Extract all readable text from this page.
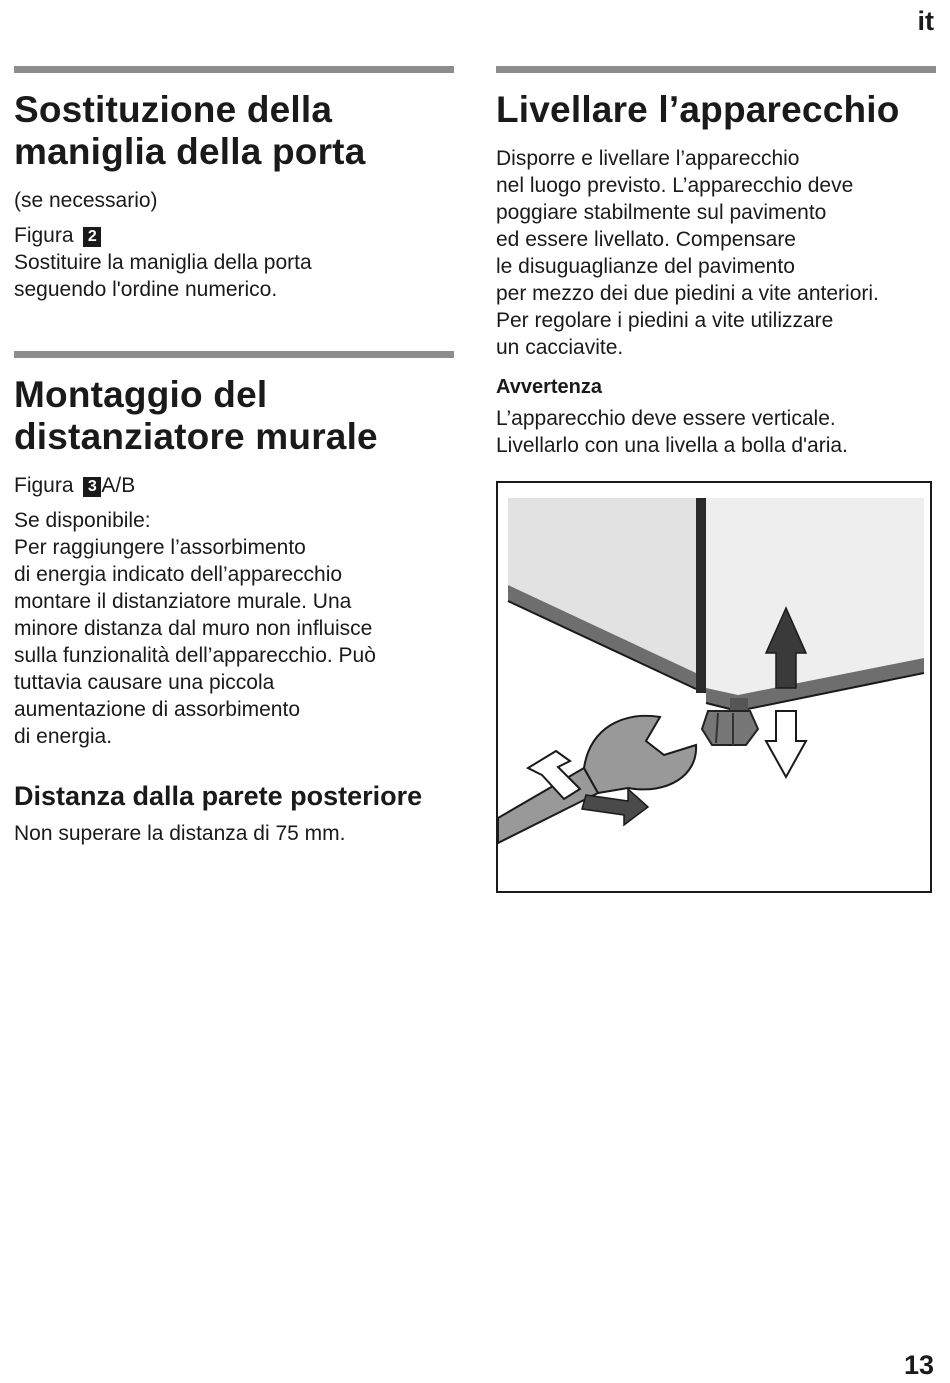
it
Sostituzione della maniglia della porta

(se necessario)

Figura 2

Sostituire la maniglia della porta
seguendo l'ordine numerico.

Montaggio del distanziatore murale

Figura 3 A/B

Se disponibile:
Per raggiungere l’assorbimento
di energia indicato dell’apparecchio
montare il distanziatore murale. Una
minore distanza dal muro non influisce
sulla funzionalità dell’apparecchio. Può
tuttavia causare una piccola
aumentazione di assorbimento
di energia.

Distanza dalla parete posteriore

Non superare la distanza di 75 mm.

Livellare l’apparecchio

Disporre e livellare l’apparecchio
nel luogo previsto. L’apparecchio deve
poggiare stabilmente sul pavimento
ed essere livellato. Compensare
le disuguaglianze del pavimento
per mezzo dei due piedini a vite anteriori.
Per regolare i piedini a vite utilizzare
un cacciavite.

Avvertenza

L’apparecchio deve essere verticale.
Livellarlo con una livella a bolla d'aria.

13
